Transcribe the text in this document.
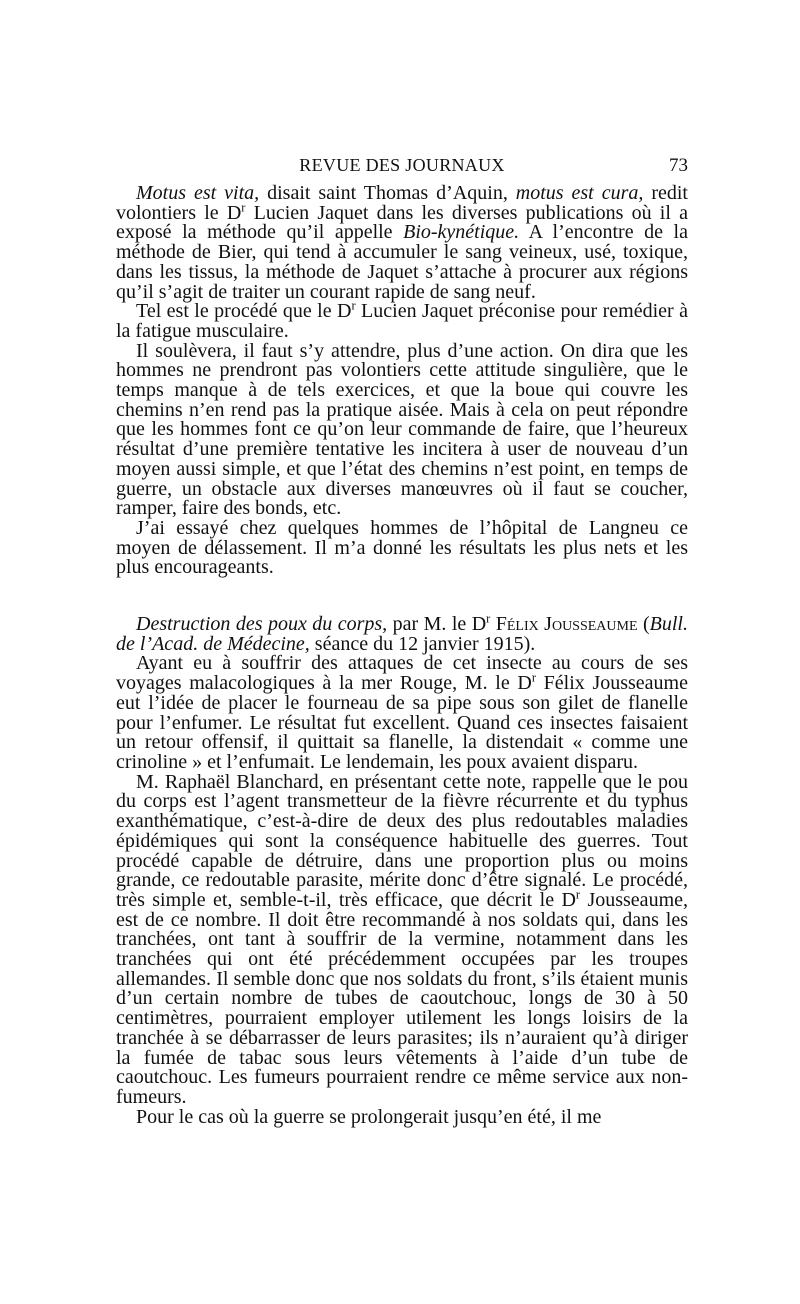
REVUE DES JOURNAUX	73

Motus est vita, disait saint Thomas d’Aquin, motus est cura, redit volontiers le $D^r$ Lucien Jaquet dans les diverses publications où il a exposé la méthode qu’il appelle Bio-kynétique. A l’encontre de la méthode de Bier, qui tend à accumuler le sang veineux, usé, toxique, dans les tissus, la méthode de Jaquet s’attache à procurer aux régions qu’il s’agit de traiter un courant rapide de sang neuf.

Tel est le procédé que le $D^r$ Lucien Jaquet préconise pour remédier à la fatigue musculaire.

Il soulèvera, il faut s’y attendre, plus d’une action. On dira que les hommes ne prendront pas volontiers cette attitude singulière, que le temps manque à de tels exercices, et que la boue qui couvre les chemins n’en rend pas la pratique aisée. Mais à cela on peut répondre que les hommes font ce qu’on leur commande de faire, que l’heureux résultat d’une première tentative les incitera à user de nouveau d’un moyen aussi simple, et que l’état des chemins n’est point, en temps de guerre, un obstacle aux diverses manœuvres où il faut se coucher, ramper, faire des bonds, etc.

J’ai essayé chez quelques hommes de l’hôpital de Langneu ce moyen de délassement. Il m’a donné les résultats les plus nets et les plus encourageants.

Destruction des poux du corps, par M. le $D^r$ Félix Jousseaume (Bull. de l’Acad. de Médecine, séance du 12 janvier 1915).

Ayant eu à souffrir des attaques de cet insecte au cours de ses voyages malacologiques à la mer Rouge, M. le $D^r$ Félix Jousseaume eut l’idée de placer le fourneau de sa pipe sous son gilet de flanelle pour l’enfumer. Le résultat fut excellent. Quand ces insectes faisaient un retour offensif, il quittait sa flanelle, la distendait « comme une crinoline » et l’enfumait. Le lendemain, les poux avaient disparu.

M. Raphaël Blanchard, en présentant cette note, rappelle que le pou du corps est l’agent transmetteur de la fièvre récurrente et du typhus exanthématique, c’est-à-dire de deux des plus redoutables maladies épidémiques qui sont la conséquence habituelle des guerres. Tout procédé capable de détruire, dans une proportion plus ou moins grande, ce redoutable parasite, mérite donc d’être signalé. Le procédé, très simple et, semble-t-il, très efficace, que décrit le $D^r$ Jousseaume, est de ce nombre. Il doit être recommandé à nos soldats qui, dans les tranchées, ont tant à souffrir de la vermine, notamment dans les tranchées qui ont été précédemment occupées par les troupes allemandes. Il semble donc que nos soldats du front, s’ils étaient munis d’un certain nombre de tubes de caoutchouc, longs de 30 à 50 centimètres, pourraient employer utilement les longs loisirs de la tranchée à se débarrasser de leurs parasites; ils n’auraient qu’à diriger la fumée de tabac sous leurs vêtements à l’aide d’un tube de caoutchouc. Les fumeurs pourraient rendre ce même service aux non-fumeurs.

Pour le cas où la guerre se prolongerait jusqu’en été, il me
